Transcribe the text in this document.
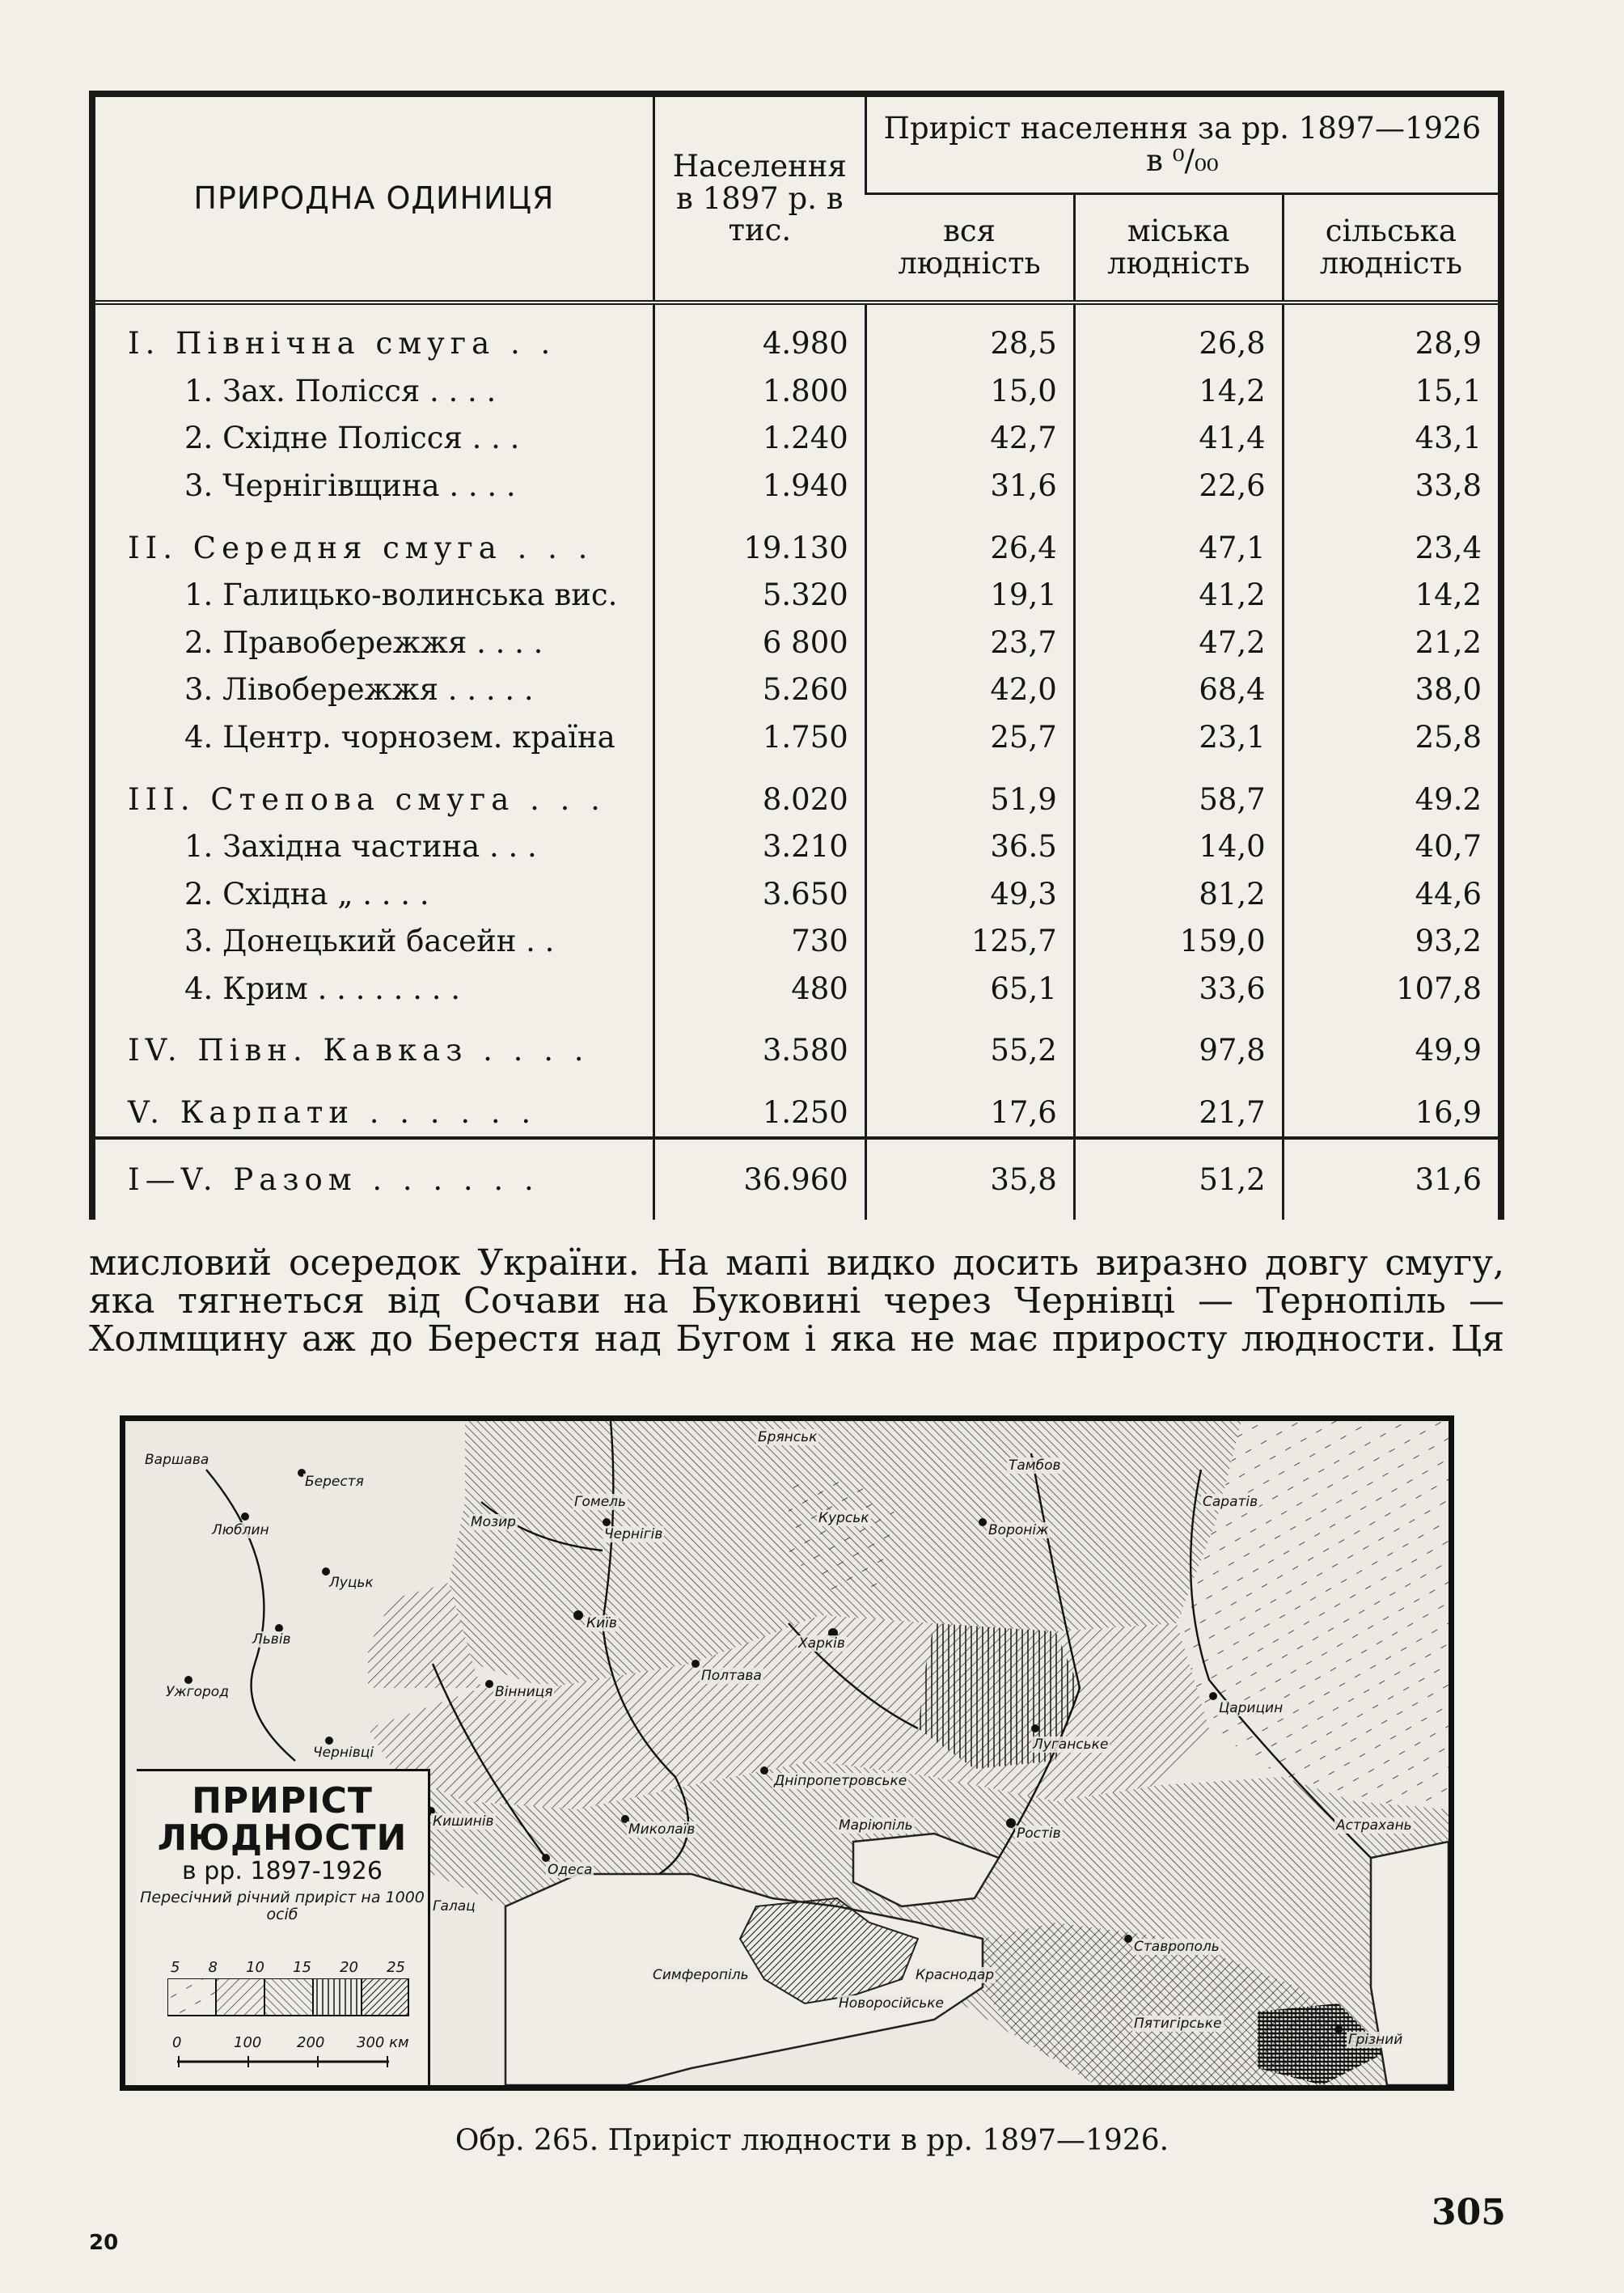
ПРИРОДНА ОДИНИЦЯ	Населення в 1897 р. в тис.	Приріст населення за рр. 1897—1926 в ⁰/₀₀		
		вся людність	міська людність	сільська людність

I. Північна смуга . .	4.980	28,5	26,8	28,9
1. Зах. Полісся . . . .	1.800	15,0	14,2	15,1
2. Східне Полісся . . .	1.240	42,7	41,4	43,1
3. Чернігівщина . . . .	1.940	31,6	22,6	33,8

II. Середня смуга . . .	19.130	26,4	47,1	23,4
1. Галицько-волинська вис.	5.320	19,1	41,2	14,2
2. Правобережжя . . . .	6 800	23,7	47,2	21,2
3. Лівобережжя . . . . .	5.260	42,0	68,4	38,0
4. Центр. чорнозем. країна	1.750	25,7	23,1	25,8

III. Степова смуга . . .	8.020	51,9	58,7	49.2
1. Західна частина . . .	3.210	36.5	14,0	40,7
2. Східна „ . . . .	3.650	49,3	81,2	44,6
3. Донецький басейн . .	730	125,7	159,0	93,2
4. Крим . . . . . . . .	480	65,1	33,6	107,8

IV. Півн. Кавказ . . . .	3.580	55,2	97,8	49,9

V. Карпати . . . . . .	1.250	17,6	21,7	16,9
I—V. Разом . . . . . .	36.960	35,8	51,2	31,6
мисловий осередок України. На мапі видко досить виразно довгу смугу,
яка тягнеться від Сочави на Буковині через Чернівці — Тернопіль —
Холмщину аж до Берестя над Бугом і яка не має приросту людности. Ця
Варшава
Берестя
Люблин
Луцьк
Львів
Ужгород
Чернівці
Мозир
Гомель
Чернігів
Київ
Вінниця
Полтава
Харків
Брянськ
Курськ
Вороніж
Тамбов
Саратів
Царицин
Луганське
Дніпропетровське
Маріюпіль	Ростів	Астрахань
Кишинів	Миколаїв
Одеса
Галац
Симферопіль	Краснодар
Новоросійське
Ставрополь
Пятигірське
Грізний
ПРИРІСТ
ЛЮДНОСТИ
в рр. 1897-1926
Пересічний річний приріст на 1000 осіб
5 8 10 15 20 25
0	100 200 300 км
Обр. 265. Приріст людности в рр. 1897—1926.
20
305
